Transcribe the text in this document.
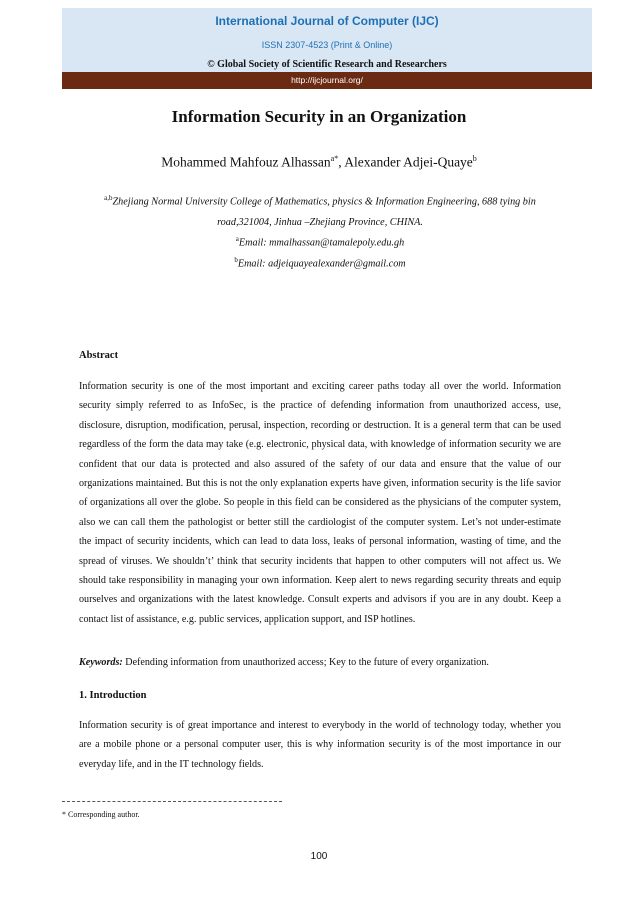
International Journal of Computer (IJC)
ISSN 2307-4523 (Print & Online)
© Global Society of Scientific Research and Researchers
http://ijcjournal.org/
Information Security in an Organization
Mohammed Mahfouz Alhassan$^{a*}$, Alexander Adjei-Quaye$^b$
$^{a,b}$Zhejiang Normal University College of Mathematics, physics & Information Engineering, 688 tying bin road,321004, Jinhua –Zhejiang Province, CHINA.
$^a$Email: mmalhassan@tamalepoly.edu.gh
$^b$Email: adjeiquayealexander@gmail.com
Abstract

Information security is one of the most important and exciting career paths today all over the world. Information security simply referred to as InfoSec, is the practice of defending information from unauthorized access, use, disclosure, disruption, modification, perusal, inspection, recording or destruction. It is a general term that can be used regardless of the form the data may take (e.g. electronic, physical data, with knowledge of information security we are confident that our data is protected and also assured of the safety of our data and ensure that the value of our organizations maintained. But this is not the only explanation experts have given, information security is the life savior of organizations all over the globe. So people in this field can be considered as the physicians of the computer system, also we can call them the pathologist or better still the cardiologist of the computer system. Let’s not under-estimate the impact of security incidents, which can lead to data loss, leaks of personal information, wasting of time, and the spread of viruses. We shouldn’t’ think that security incidents that happen to other computers will not affect us. We should take responsibility in managing your own information. Keep alert to news regarding security threats and equip ourselves and organizations with the latest knowledge. Consult experts and advisors if you are in any doubt. Keep a contact list of assistance, e.g. public services, application support, and ISP hotlines.

Keywords: Defending information from unauthorized access; Key to the future of every organization.

1. Introduction

Information security is of great importance and interest to everybody in the world of technology today, whether you are a mobile phone or a personal computer user, this is why information security is of the most importance in our everyday life, and in the IT technology fields.

* Corresponding author.
100
